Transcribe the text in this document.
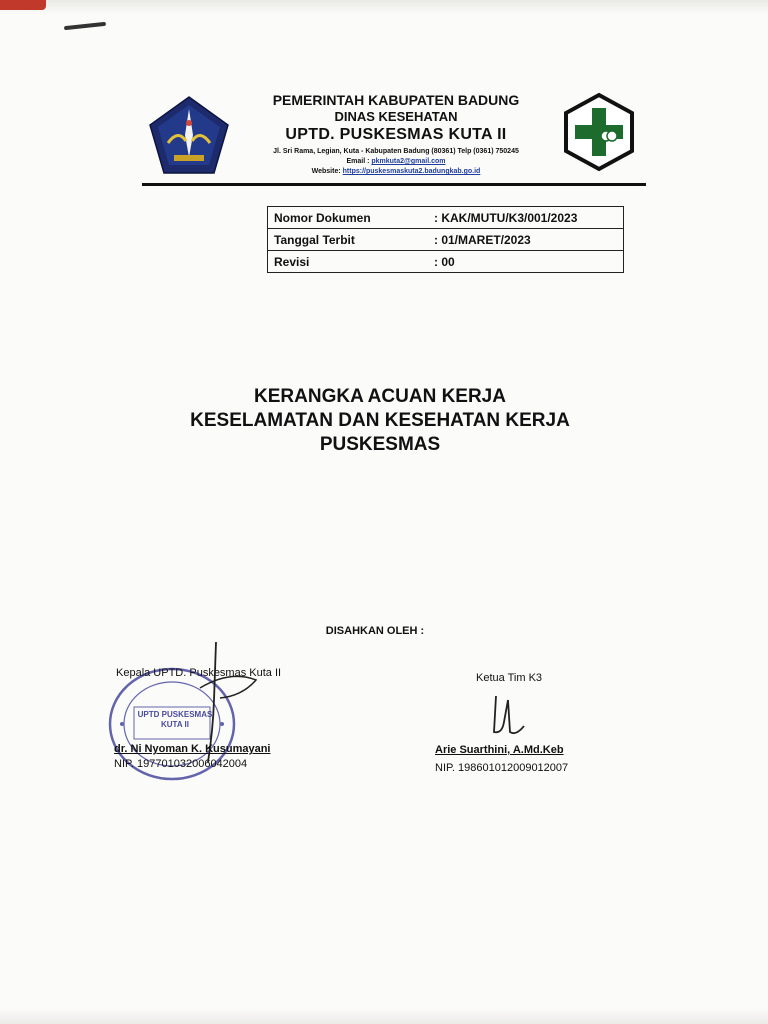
PEMERINTAH KABUPATEN BADUNG
DINAS KESEHATAN
UPTD. PUSKESMAS KUTA II
Jl. Sri Rama, Legian, Kuta - Kabupaten Badung (80361) Telp (0361) 750245
Email : pkmkuta2@gmail.com
Website: https://puskesmaskuta2.badungkab.go.id
Nomor Dokumen	: KAK/MUTU/K3/001/2023
Tanggal Terbit	: 01/MARET/2023
Revisi	: 00
KERANGKA ACUAN KERJA
KESELAMATAN DAN KESEHATAN KERJA
PUSKESMAS
DISAHKAN OLEH :
UPTD PUSKESMAS
KUTA II
Kepala UPTD. Puskesmas Kuta II
dr. Ni Nyoman K. Kusumayani
NIP. 197701032006042004
Ketua Tim K3
Arie Suarthini, A.Md.Keb
NIP. 198601012009012007
